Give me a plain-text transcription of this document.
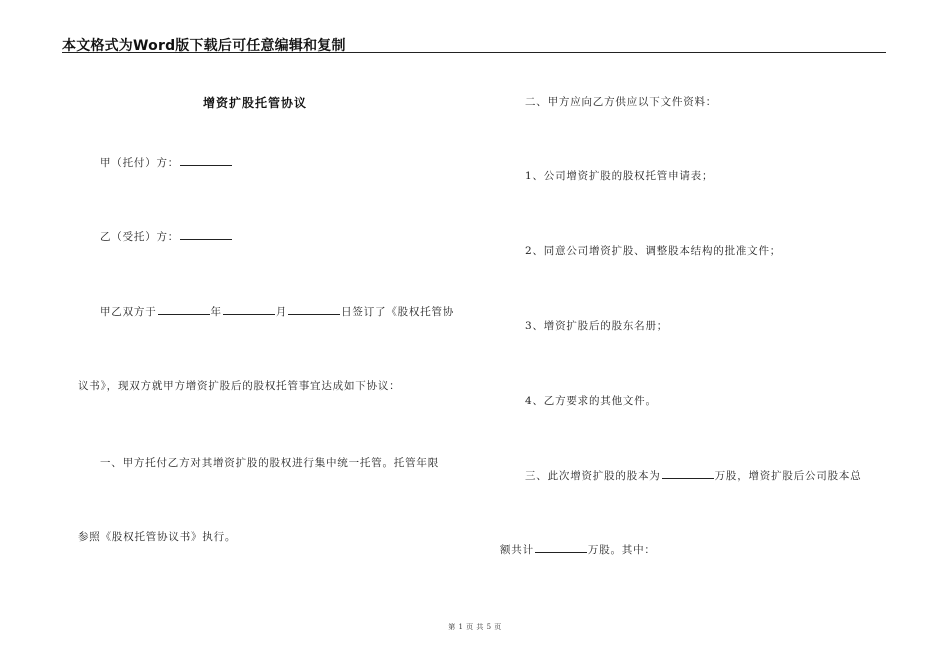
本文格式为Word版下载后可任意编辑和复制
增资扩股托管协议
甲（托付）方：
乙（受托）方：
甲乙双方于	年	月	日签订了《股权托管协
议书》，现双方就甲方增资扩股后的股权托管事宜达成如下协议：
一、甲方托付乙方对其增资扩股的股权进行集中统一托管。托管年限
参照《股权托管协议书》执行。
二、甲方应向乙方供应以下文件资料：
1、公司增资扩股的股权托管申请表；
2、同意公司增资扩股、调整股本结构的批准文件；
3、增资扩股后的股东名册；
4、乙方要求的其他文件。
三、此次增资扩股的股本为	万股，增资扩股后公司股本总
额共计	万股。其中：
第 1 页 共 5 页
